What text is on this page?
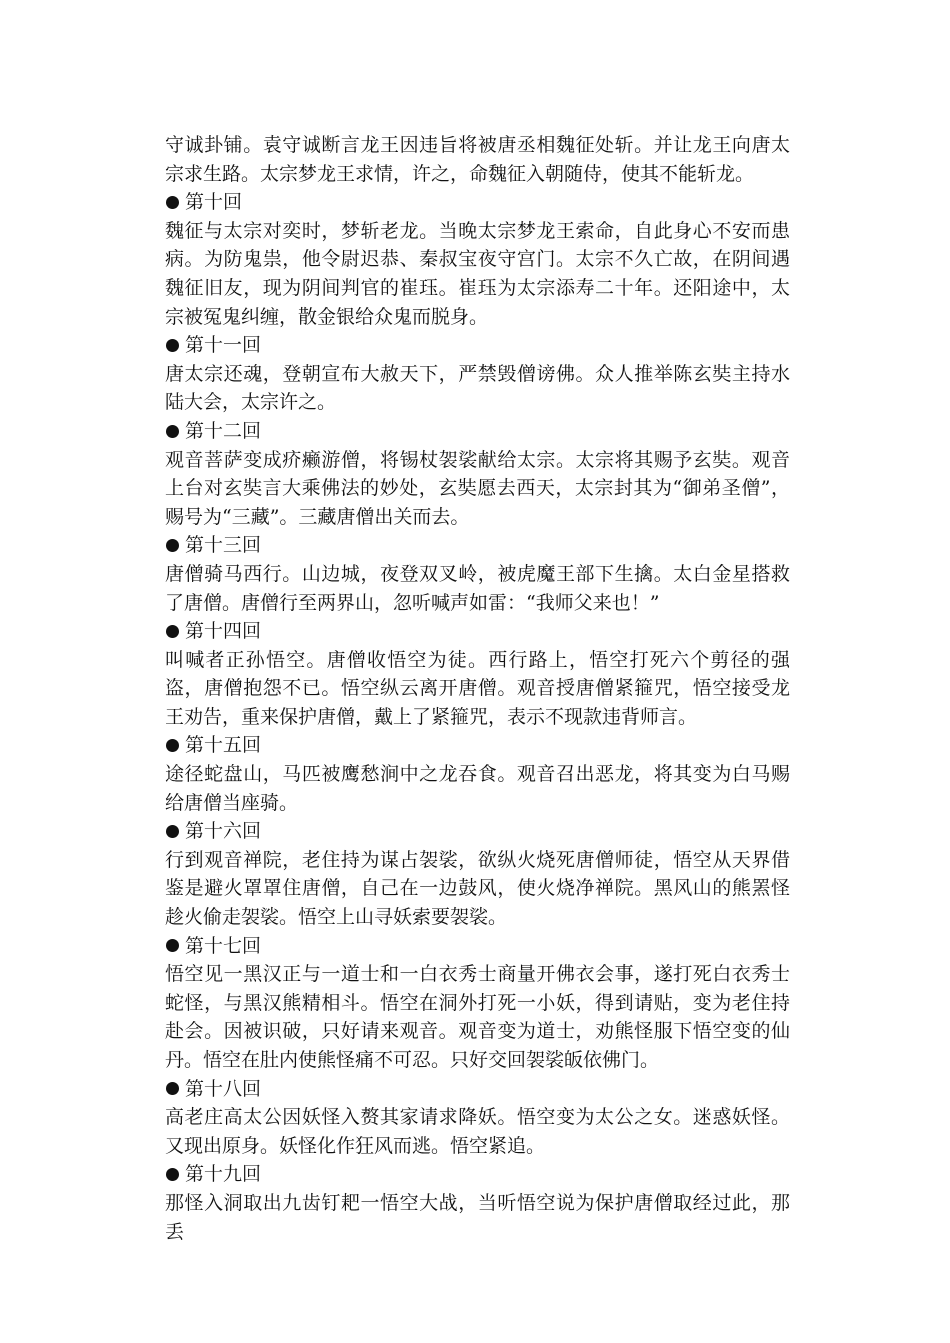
守诚卦铺。袁守诚断言龙王因违旨将被唐丞相魏征处斩。并让龙王向唐太宗求生路。太宗梦龙王求情，许之，命魏征入朝随侍，使其不能斩龙。

第十回

魏征与太宗对奕时，梦斩老龙。当晚太宗梦龙王索命，自此身心不安而患病。为防鬼祟，他令尉迟恭、秦叔宝夜守宫门。太宗不久亡故，在阴间遇魏征旧友，现为阴间判官的崔珏。崔珏为太宗添寿二十年。还阳途中，太宗被冤鬼纠缠，散金银给众鬼而脱身。

第十一回

唐太宗还魂，登朝宣布大赦天下，严禁毁僧谤佛。众人推举陈玄奘主持水陆大会，太宗许之。

第十二回

观音菩萨变成疥癞游僧，将锡杖袈裟献给太宗。太宗将其赐予玄奘。观音上台对玄奘言大乘佛法的妙处，玄奘愿去西天，太宗封其为“御弟圣僧”，赐号为“三藏”。三藏唐僧出关而去。

第十三回

唐僧骑马西行。山边城，夜登双叉岭，被虎魔王部下生擒。太白金星搭救了唐僧。唐僧行至两界山，忽听喊声如雷：“我师父来也！”

第十四回

叫喊者正孙悟空。唐僧收悟空为徒。西行路上，悟空打死六个剪径的强盗，唐僧抱怨不已。悟空纵云离开唐僧。观音授唐僧紧箍咒，悟空接受龙王劝告，重来保护唐僧，戴上了紧箍咒，表示不现款违背师言。

第十五回

途径蛇盘山，马匹被鹰愁涧中之龙吞食。观音召出恶龙，将其变为白马赐给唐僧当座骑。

第十六回

行到观音禅院，老住持为谋占袈裟，欲纵火烧死唐僧师徒，悟空从天界借鉴是避火罩罩住唐僧，自己在一边鼓风，使火烧净禅院。黑风山的熊罴怪趁火偷走袈裟。悟空上山寻妖索要袈裟。

第十七回

悟空见一黑汉正与一道士和一白衣秀士商量开佛衣会事，遂打死白衣秀士蛇怪，与黑汉熊精相斗。悟空在洞外打死一小妖，得到请贴，变为老住持赴会。因被识破，只好请来观音。观音变为道士，劝熊怪服下悟空变的仙丹。悟空在肚内使熊怪痛不可忍。只好交回袈裟皈依佛门。

第十八回

高老庄高太公因妖怪入赘其家请求降妖。悟空变为太公之女。迷惑妖怪。又现出原身。妖怪化作狂风而逃。悟空紧追。

第十九回

那怪入洞取出九齿钉耙一悟空大战，当听悟空说为保护唐僧取经过此，那丢
